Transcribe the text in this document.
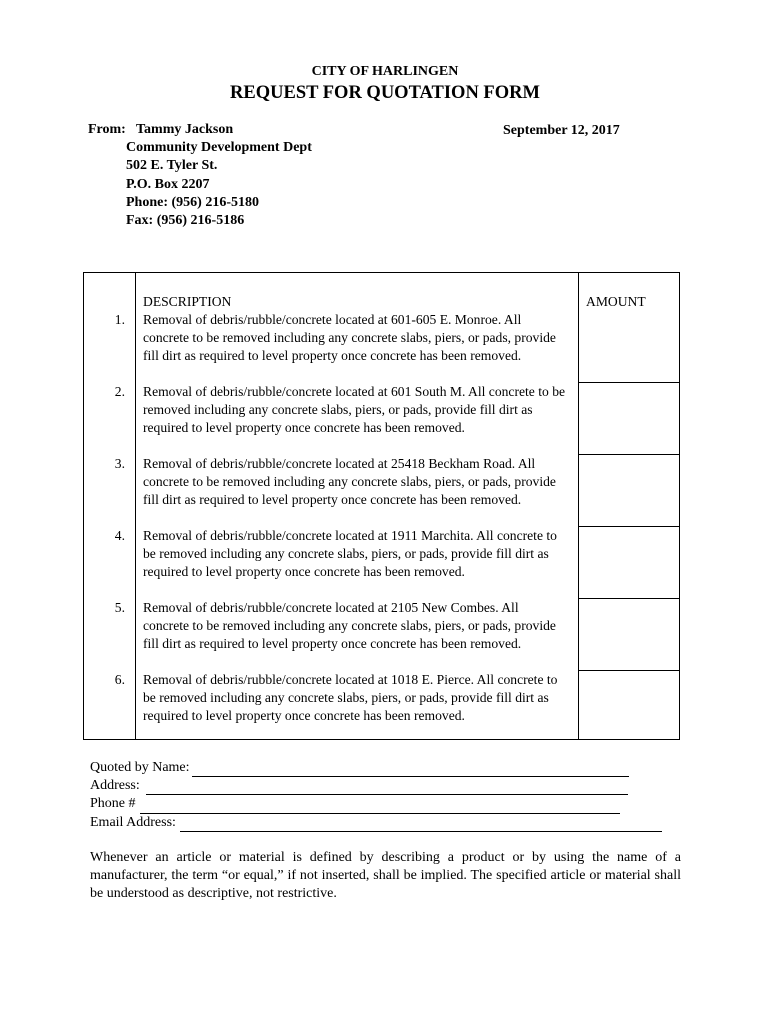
CITY OF HARLINGEN
REQUEST FOR QUOTATION FORM
From: Tammy Jackson
Community Development Dept
502 E. Tyler St.
P.O. Box 2207
Phone: (956) 216-5180
Fax: (956) 216-5186
September 12, 2017
DESCRIPTION	AMOUNT
1. Removal of debris/rubble/concrete located at 601-605 E. Monroe. All concrete to be removed including any concrete slabs, piers, or pads, provide fill dirt as required to level property once concrete has been removed.
2. Removal of debris/rubble/concrete located at 601 South M. All concrete to be removed including any concrete slabs, piers, or pads, provide fill dirt as required to level property once concrete has been removed.
3. Removal of debris/rubble/concrete located at 25418 Beckham Road. All concrete to be removed including any concrete slabs, piers, or pads, provide fill dirt as required to level property once concrete has been removed.
4. Removal of debris/rubble/concrete located at 1911 Marchita. All concrete to be removed including any concrete slabs, piers, or pads, provide fill dirt as required to level property once concrete has been removed.
5. Removal of debris/rubble/concrete located at 2105 New Combes. All concrete to be removed including any concrete slabs, piers, or pads, provide fill dirt as required to level property once concrete has been removed.
6. Removal of debris/rubble/concrete located at 1018 E. Pierce. All concrete to be removed including any concrete slabs, piers, or pads, provide fill dirt as required to level property once concrete has been removed.
Quoted by Name:
Address:
Phone #
Email Address:
Whenever an article or material is defined by describing a product or by using the name of a manufacturer, the term “or equal,” if not inserted, shall be implied. The specified article or material shall be understood as descriptive, not restrictive.
